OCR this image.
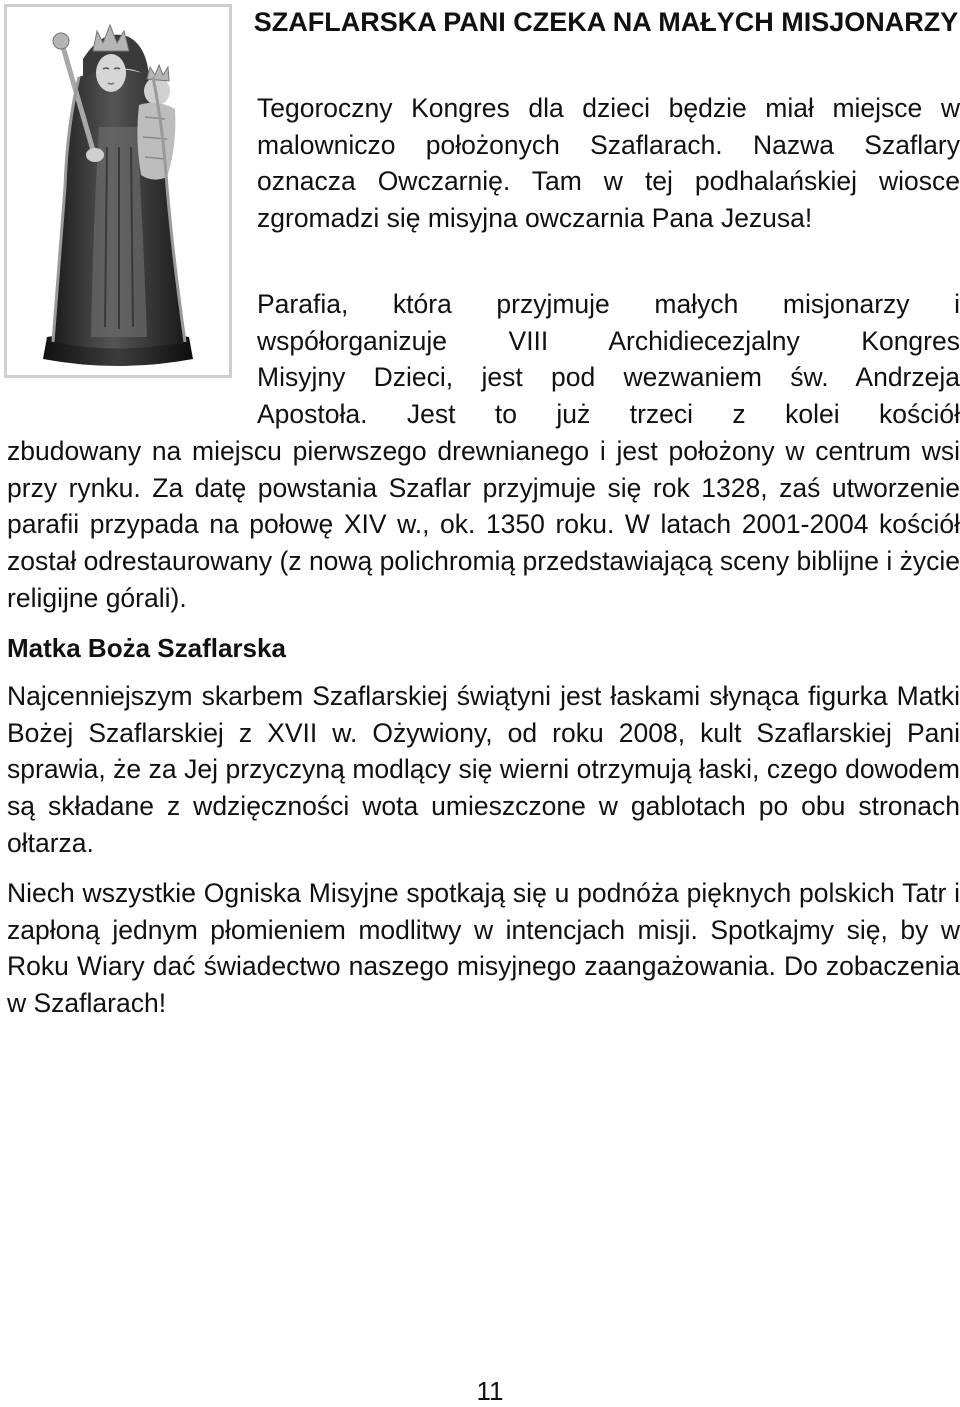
SZAFLARSKA PANI CZEKA NA MAŁYCH MISJONARZY

Tegoroczny Kongres dla dzieci będzie miał miejsce w malowniczo położonych Szaflarach. Nazwa Szaflary oznacza Owczarnię. Tam w tej podhalańskiej wiosce zgromadzi się misyjna owczarnia Pana Jezusa!

Parafia, która przyjmuje małych misjonarzy i
współorganizuje VIII Archidiecezjalny Kongres
Misyjny Dzieci, jest pod wezwaniem św. Andrzeja
Apostoła. Jest to już trzeci z kolei kościół

zbudowany na miejscu pierwszego drewnianego i jest położony w centrum wsi przy rynku. Za datę powstania Szaflar przyjmuje się rok 1328, zaś utworzenie parafii przypada na połowę XIV w., ok. 1350 roku. W latach 2001-2004 kościół został odrestaurowany (z nową polichromią przedstawiającą sceny biblijne i życie religijne górali).

Matka Boża Szaflarska

Najcenniejszym skarbem Szaflarskiej świątyni jest łaskami słynąca figurka Matki Bożej Szaflarskiej z XVII w. Ożywiony, od roku 2008, kult Szaflarskiej Pani sprawia, że za Jej przyczyną modlący się wierni otrzymują łaski, czego dowodem są składane z wdzięczności wota umieszczone w gablotach po obu stronach ołtarza.

Niech wszystkie Ogniska Misyjne spotkają się u podnóża pięknych polskich Tatr i zapłoną jednym płomieniem modlitwy w intencjach misji. Spotkajmy się, by w Roku Wiary dać świadectwo naszego misyjnego zaangażowania. Do zobaczenia w Szaflarach!

11
